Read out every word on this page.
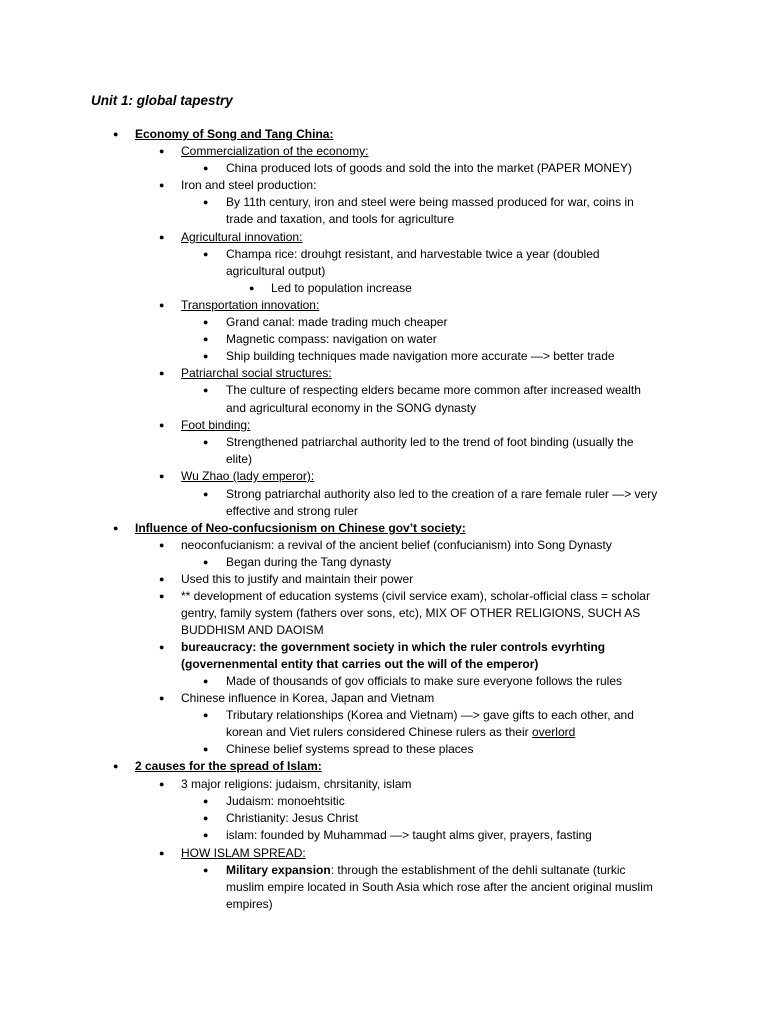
Unit 1: global tapestry
● Economy of Song and Tang China:
● Commercialization of the economy:
● China produced lots of goods and sold the into the market (PAPER MONEY)
● Iron and steel production:
● By 11th century, iron and steel were being massed produced for war, coins in
trade and taxation, and tools for agriculture
● Agricultural innovation:
● Champa rice: drouhgt resistant, and harvestable twice a year (doubled
agricultural output)
● Led to population increase
● Transportation innovation:
● Grand canal: made trading much cheaper
● Magnetic compass: navigation on water
● Ship building techniques made navigation more accurate —> better trade
● Patriarchal social structures:
● The culture of respecting elders became more common after increased wealth
and agricultural economy in the SONG dynasty
● Foot binding:
● Strengthened patriarchal authority led to the trend of foot binding (usually the
elite)
● Wu Zhao (lady emperor):
● Strong patriarchal authority also led to the creation of a rare female ruler —> very
effective and strong ruler
● Influence of Neo-confucsionism on Chinese gov’t society:
● neoconfucianism: a revival of the ancient belief (confucianism) into Song Dynasty
● Began during the Tang dynasty
● Used this to justify and maintain their power
● ** development of education systems (civil service exam), scholar-official class = scholar
gentry, family system (fathers over sons, etc), MIX OF OTHER RELIGIONS, SUCH AS
BUDDHISM AND DAOISM
● bureaucracy: the government society in which the ruler controls evyrhting
(governenmental entity that carries out the will of the emperor)
● Made of thousands of gov officials to make sure everyone follows the rules
● Chinese influence in Korea, Japan and Vietnam
● Tributary relationships (Korea and Vietnam) —> gave gifts to each other, and
korean and Viet rulers considered Chinese rulers as their overlord
● Chinese belief systems spread to these places
● 2 causes for the spread of Islam:
● 3 major religions: judaism, chrsitanity, islam
● Judaism: monoehtsitic
● Christianity: Jesus Christ
● islam: founded by Muhammad —> taught alms giver, prayers, fasting
● HOW ISLAM SPREAD:
● Military expansion: through the establishment of the dehli sultanate (turkic
muslim empire located in South Asia which rose after the ancient original muslim
empires)
